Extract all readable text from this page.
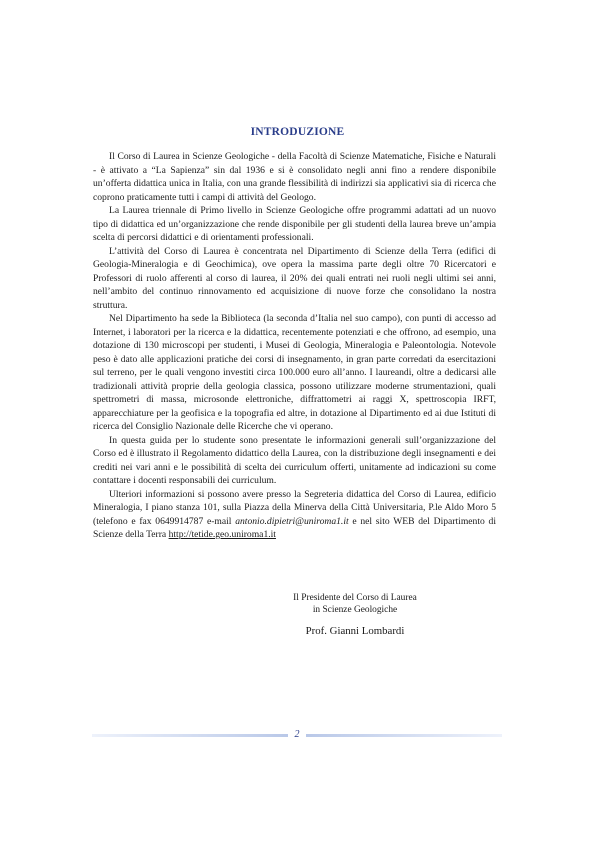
INTRODUZIONE

Il Corso di Laurea in Scienze Geologiche - della Facoltà di Scienze Matematiche, Fisiche e Naturali - è attivato a “La Sapienza” sin dal 1936 e si è consolidato negli anni fino a rendere disponibile un’offerta didattica unica in Italia, con una grande flessibilità di indirizzi sia applicativi sia di ricerca che coprono praticamente tutti i campi di attività del Geologo.

La Laurea triennale di Primo livello in Scienze Geologiche offre programmi adattati ad un nuovo tipo di didattica ed un’organizzazione che rende disponibile per gli studenti della laurea breve un’ampia scelta di percorsi didattici e di orientamenti professionali.

L’attività del Corso di Laurea è concentrata nel Dipartimento di Scienze della Terra (edifici di Geologia-Mineralogia e di Geochimica), ove opera la massima parte degli oltre 70 Ricercatori e Professori di ruolo afferenti al corso di laurea, il 20% dei quali entrati nei ruoli negli ultimi sei anni, nell’ambito del continuo rinnovamento ed acquisizione di nuove forze che consolidano la nostra struttura.

Nel Dipartimento ha sede la Biblioteca (la seconda d’Italia nel suo campo), con punti di accesso ad Internet, i laboratori per la ricerca e la didattica, recentemente potenziati e che offrono, ad esempio, una dotazione di 130 microscopi per studenti, i Musei di Geologia, Mineralogia e Paleontologia. Notevole peso è dato alle applicazioni pratiche dei corsi di insegnamento, in gran parte corredati da esercitazioni sul terreno, per le quali vengono investiti circa 100.000 euro all’anno. I laureandi, oltre a dedicarsi alle tradizionali attività proprie della geologia classica, possono utilizzare moderne strumentazioni, quali spettrometri di massa, microsonde elettroniche, diffrattometri ai raggi X, spettroscopia IRFT, apparecchiature per la geofisica e la topografia ed altre, in dotazione al Dipartimento ed ai due Istituti di ricerca del Consiglio Nazionale delle Ricerche che vi operano.

In questa guida per lo studente sono presentate le informazioni generali sull’organizzazione del Corso ed è illustrato il Regolamento didattico della Laurea, con la distribuzione degli insegnamenti e dei crediti nei vari anni e le possibilità di scelta dei curriculum offerti, unitamente ad indicazioni su come contattare i docenti responsabili dei curriculum.

Ulteriori informazioni si possono avere presso la Segreteria didattica del Corso di Laurea, edificio Mineralogia, I piano stanza 101, sulla Piazza della Minerva della Città Universitaria, P.le Aldo Moro 5 (telefono e fax 0649914787 e-mail antonio.dipietri@uniroma1.it e nel sito WEB del Dipartimento di Scienze della Terra http://tetide.geo.uniroma1.it

Il Presidente del Corso di Laurea
in Scienze Geologiche
Prof. Gianni Lombardi
2
